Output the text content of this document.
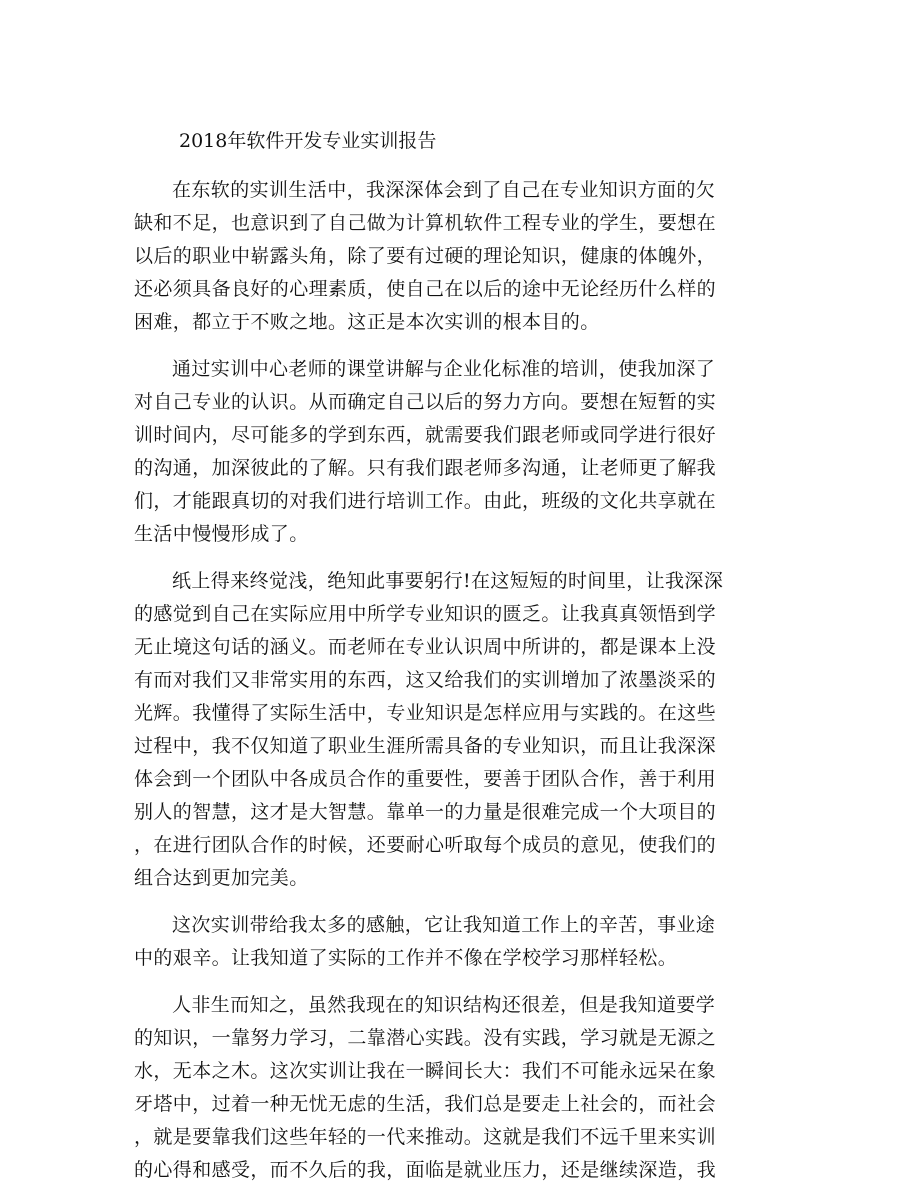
2018年软件开发专业实训报告
在东软的实训生活中，我深深体会到了自己在专业知识方面的欠
缺和不足，也意识到了自己做为计算机软件工程专业的学生，要想在
以后的职业中崭露头角，除了要有过硬的理论知识，健康的体魄外，
还必须具备良好的心理素质，使自己在以后的途中无论经历什么样的
困难，都立于不败之地。这正是本次实训的根本目的。
通过实训中心老师的课堂讲解与企业化标准的培训，使我加深了
对自己专业的认识。从而确定自己以后的努力方向。要想在短暂的实
训时间内，尽可能多的学到东西，就需要我们跟老师或同学进行很好
的沟通，加深彼此的了解。只有我们跟老师多沟通，让老师更了解我
们，才能跟真切的对我们进行培训工作。由此，班级的文化共享就在
生活中慢慢形成了。
纸上得来终觉浅，绝知此事要躬行!在这短短的时间里，让我深深
的感觉到自己在实际应用中所学专业知识的匮乏。让我真真领悟到学
无止境这句话的涵义。而老师在专业认识周中所讲的，都是课本上没
有而对我们又非常实用的东西，这又给我们的实训增加了浓墨淡采的
光辉。我懂得了实际生活中，专业知识是怎样应用与实践的。在这些
过程中，我不仅知道了职业生涯所需具备的专业知识，而且让我深深
体会到一个团队中各成员合作的重要性，要善于团队合作，善于利用
别人的智慧，这才是大智慧。靠单一的力量是很难完成一个大项目的
，在进行团队合作的时候，还要耐心听取每个成员的意见，使我们的
组合达到更加完美。
这次实训带给我太多的感触，它让我知道工作上的辛苦，事业途
中的艰辛。让我知道了实际的工作并不像在学校学习那样轻松。
人非生而知之，虽然我现在的知识结构还很差，但是我知道要学
的知识，一靠努力学习，二靠潜心实践。没有实践，学习就是无源之
水，无本之木。这次实训让我在一瞬间长大：我们不可能永远呆在象
牙塔中，过着一种无忧无虑的生活，我们总是要走上社会的，而社会
，就是要靠我们这些年轻的一代来推动。这就是我们不远千里来实训
的心得和感受，而不久后的我，面临是就业压力，还是继续深造，我
